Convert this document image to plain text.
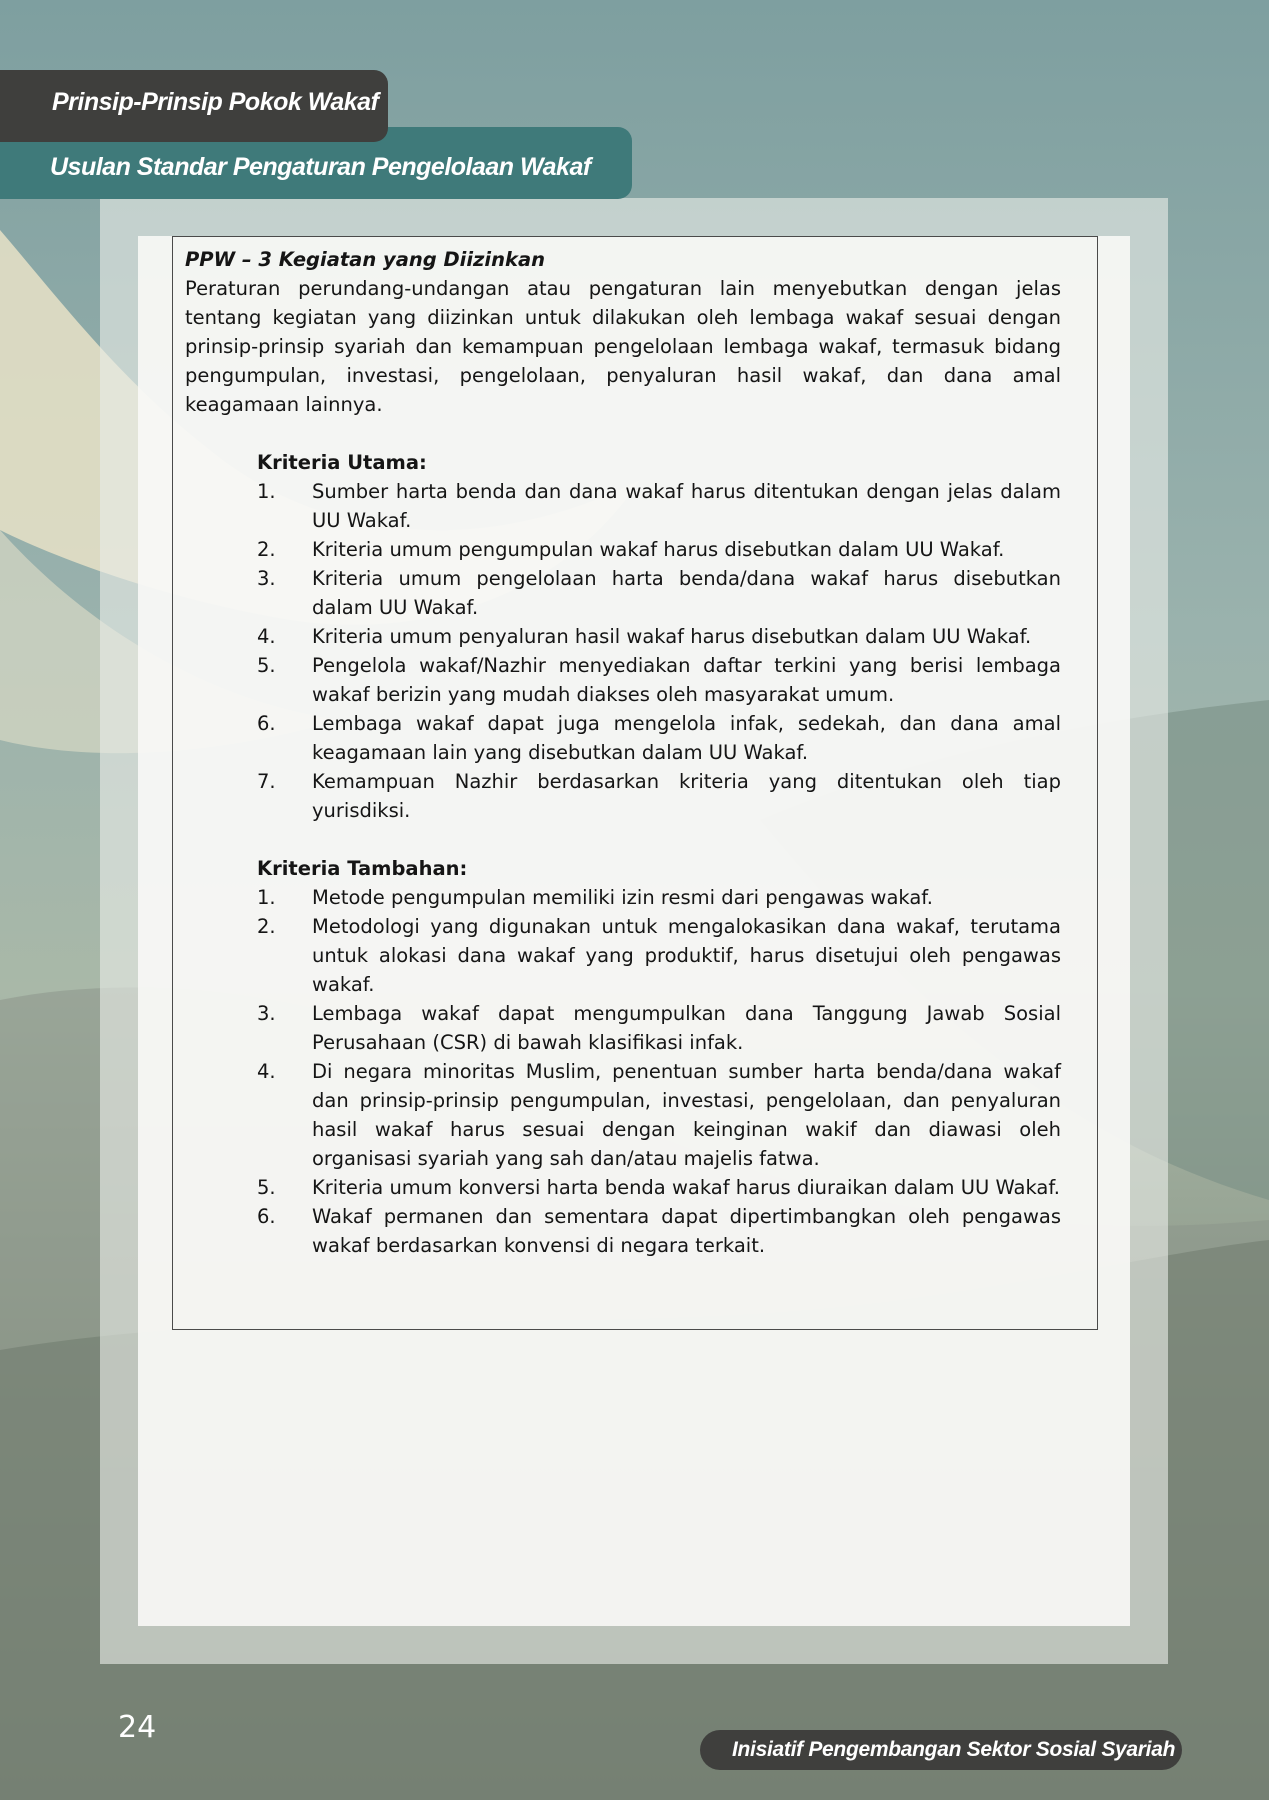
Usulan Standar Pengaturan Pengelolaan Wakaf
Prinsip-Prinsip Pokok Wakaf
PPW – 3 Kegiatan yang Diizinkan

Peraturan perundang-undangan atau pengaturan lain menyebutkan dengan jelas tentang kegiatan yang diizinkan untuk dilakukan oleh lembaga wakaf sesuai dengan prinsip-prinsip syariah dan kemampuan pengelolaan lembaga wakaf, termasuk bidang pengumpulan, investasi, pengelolaan, penyaluran hasil wakaf, dan dana amal keagamaan lainnya.

Kriteria Utama:
1.	Sumber harta benda dan dana wakaf harus ditentukan dengan jelas dalam UU Wakaf.
2.	Kriteria umum pengumpulan wakaf harus disebutkan dalam UU Wakaf.
3.	Kriteria umum pengelolaan harta benda/dana wakaf harus disebutkan dalam UU Wakaf.
4.	Kriteria umum penyaluran hasil wakaf harus disebutkan dalam UU Wakaf.
5.	Pengelola wakaf/Nazhir menyediakan daftar terkini yang berisi lembaga wakaf berizin yang mudah diakses oleh masyarakat umum.
6.	Lembaga wakaf dapat juga mengelola infak, sedekah, dan dana amal keagamaan lain yang disebutkan dalam UU Wakaf.
7.	Kemampuan Nazhir berdasarkan kriteria yang ditentukan oleh tiap yurisdiksi.
Kriteria Tambahan:
1.	Metode pengumpulan memiliki izin resmi dari pengawas wakaf.
2.	Metodologi yang digunakan untuk mengalokasikan dana wakaf, terutama untuk alokasi dana wakaf yang produktif, harus disetujui oleh pengawas wakaf.
3.	Lembaga wakaf dapat mengumpulkan dana Tanggung Jawab Sosial Perusahaan (CSR) di bawah klasifikasi infak.
4.	Di negara minoritas Muslim, penentuan sumber harta benda/dana wakaf dan prinsip-prinsip pengumpulan, investasi, pengelolaan, dan penyaluran hasil wakaf harus sesuai dengan keinginan wakif dan diawasi oleh organisasi syariah yang sah dan/atau majelis fatwa.
5.	Kriteria umum konversi harta benda wakaf harus diuraikan dalam UU Wakaf.
6.	Wakaf permanen dan sementara dapat dipertimbangkan oleh pengawas wakaf berdasarkan konvensi di negara terkait.
24
Inisiatif Pengembangan Sektor Sosial Syariah
